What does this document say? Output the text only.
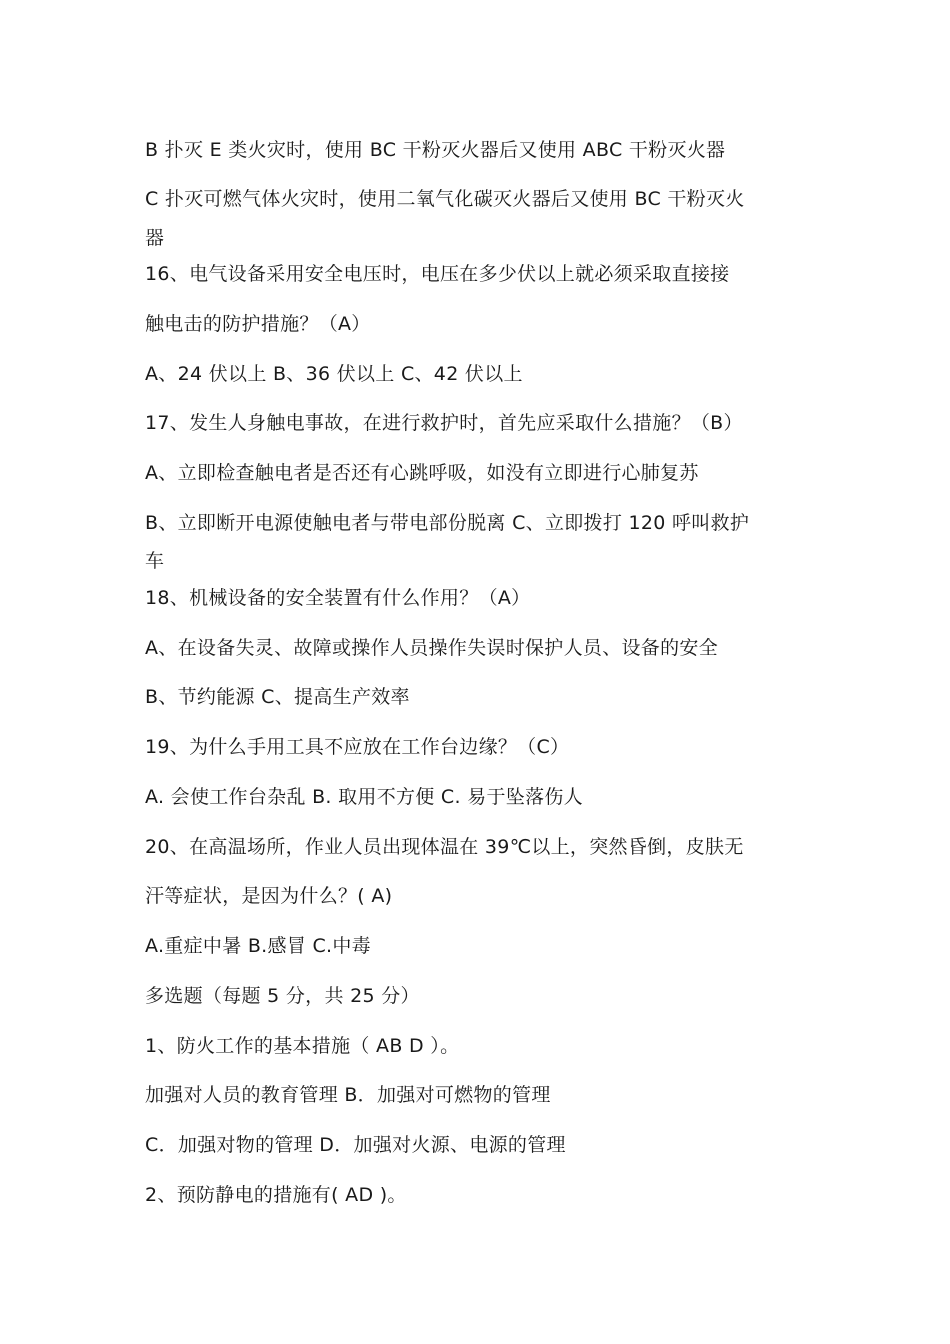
B 扑灭 E 类火灾时，使用 BC 干粉灭火器后又使用 ABC 干粉灭火器
C 扑灭可燃气体火灾时，使用二氧气化碳灭火器后又使用 BC 干粉灭火
器
16、电气设备采用安全电压时，电压在多少伏以上就必须采取直接接
触电击的防护措施？（A）
A、24 伏以上 B、36 伏以上 C、42 伏以上
17、发生人身触电事故，在进行救护时，首先应采取什么措施？（B）
A、立即检查触电者是否还有心跳呼吸，如没有立即进行心肺复苏
B、立即断开电源使触电者与带电部份脱离 C、立即拨打 120 呼叫救护
车
18、机械设备的安全装置有什么作用？（A）
A、在设备失灵、故障或操作人员操作失误时保护人员、设备的安全
B、节约能源 C、提高生产效率
19、为什么手用工具不应放在工作台边缘？（C）
A. 会使工作台杂乱 B. 取用不方便 C. 易于坠落伤人
20、在高温场所，作业人员出现体温在 39℃以上，突然昏倒，皮肤无
汗等症状，是因为什么？( A)
A.重症中暑 B.感冒 C.中毒
多选题（每题 5 分，共 25 分）
1、防火工作的基本措施（ AB D ）。
加强对人员的教育管理 B．加强对可燃物的管理
C．加强对物的管理 D．加强对火源、电源的管理
2、预防静电的措施有( AD )。
